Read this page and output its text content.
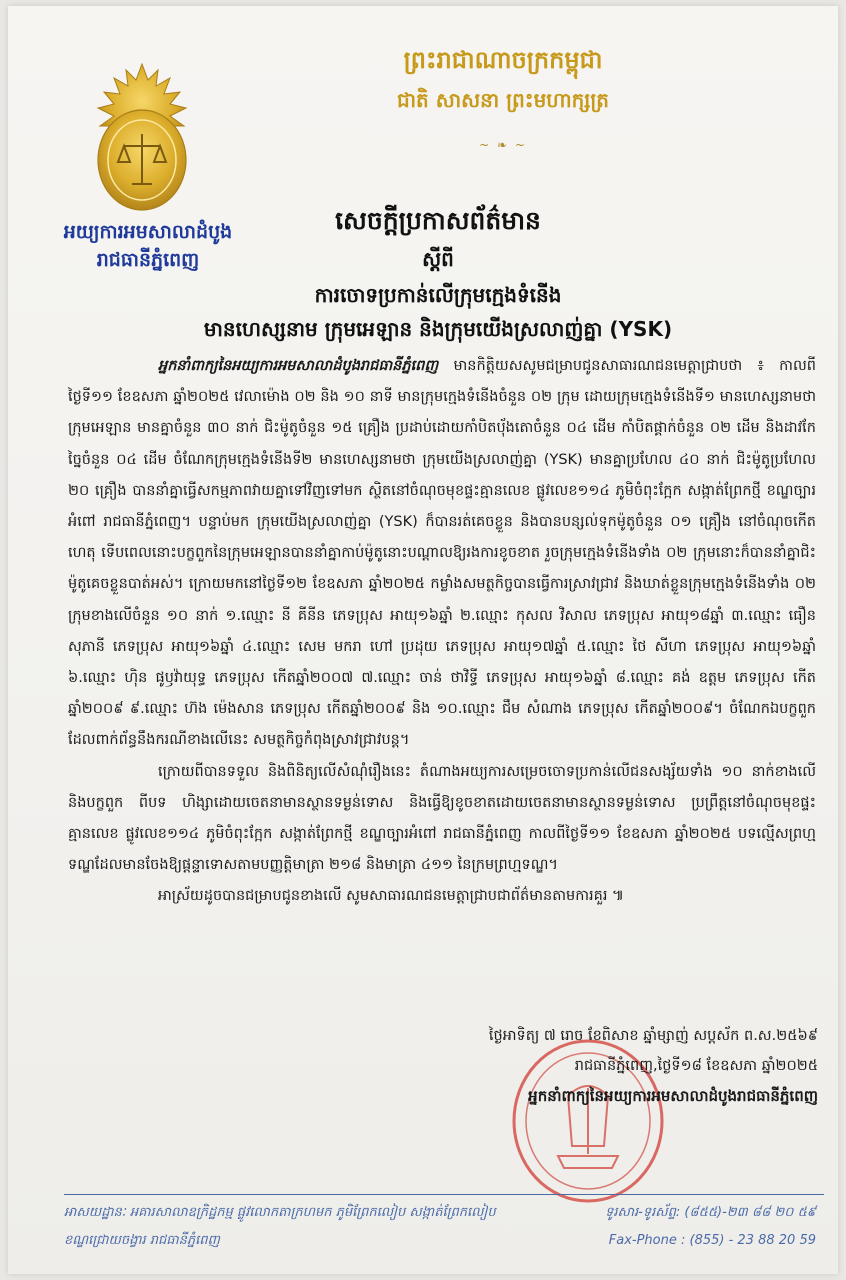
អយ្យការអមសាលាដំបូង
រាជធានីភ្នំពេញ
ព្រះរាជាណាចក្រកម្ពុជា
ជាតិ សាសនា ព្រះមហាក្សត្រ
~ ❧ ~
សេចក្តីប្រកាសព័ត៌មាន
ស្តីពី
ការចោទប្រកាន់លើក្រុមក្មេងទំនើង
មានហេស្សនាម ក្រុមអេឡាន និងក្រុមយើងស្រលាញ់គ្នា (YSK)

អ្នកនាំពាក្យនៃអយ្យការអមសាលាដំបូងរាជធានីភ្នំពេញ មានកិត្តិយសសូមជម្រាបជូនសាធារណជនមេត្តាជ្រាបថា ៖ កាលពីថ្ងៃទី១១ ខែឧសភា ឆ្នាំ២០២៥ វេលាម៉ោង ០២ និង ១០ នាទី មានក្រុមក្មេងទំនើងចំនួន ០២ ក្រុម ដោយក្រុមក្មេងទំនើងទី១ មានហេស្សនាមថា ក្រុមអេឡាន មានគ្នាចំនួន ៣០ នាក់ ជិះម៉ូតូចំនួន ១៥ គ្រឿង ប្រដាប់ដោយកាំបិតប៉័ងតោចំនួន ០៤ ដើម កាំបិតផ្គាក់ចំនួន ០២ ដើម និងដាវកែច្នៃចំនួន ០៤ ដើម ចំណែកក្រុមក្មេងទំនើងទី២ មានហេស្សនាមថា ក្រុមយើងស្រលាញ់គ្នា (YSK) មានគ្នាប្រហែល ៤០ នាក់ ជិះម៉ូតូប្រហែល ២០ គ្រឿង បាននាំគ្នាធ្វើសកម្មភាពវាយគ្នាទៅវិញទៅមក ស្ថិតនៅចំណុចមុខផ្ទះគ្មានលេខ ផ្លូវលេខ១១៤ ភូមិចំពុះក្អែក សង្កាត់ព្រែកថ្មី ខណ្ឌច្បារអំពៅ រាជធានីភ្នំពេញ។ បន្ទាប់មក ក្រុមយើងស្រលាញ់គ្នា (YSK) ក៏បានរត់គេចខ្លួន និងបានបន្សល់ទុកម៉ូតូចំនួន ០១ គ្រឿង នៅចំណុចកើតហេតុ ទើបពេលនោះបក្ខពួកនៃក្រុមអេឡានបាននាំគ្នាកាប់ម៉ូតូនោះបណ្តាលឱ្យរងការខូចខាត រួចក្រុមក្មេងទំនើងទាំង ០២ ក្រុមនោះក៏បាននាំគ្នាជិះម៉ូតូគេចខ្លួនបាត់អស់។ ក្រោយមកនៅថ្ងៃទី១២ ខែឧសភា ឆ្នាំ២០២៥ កម្លាំងសមត្ថកិច្ចបានធ្វើការស្រាវជ្រាវ និងឃាត់ខ្លួនក្រុមក្មេងទំនើងទាំង ០២ ក្រុមខាងលើចំនួន ១០ នាក់ ១.ឈ្មោះ នី គីនីន ភេទប្រុស អាយុ១៦ឆ្នាំ ២.ឈ្មោះ កុសល វិសាល ភេទប្រុស អាយុ១៨ឆ្នាំ ៣.ឈ្មោះ ធឿន សុភានី ភេទប្រុស អាយុ១៦ឆ្នាំ ៤.ឈ្មោះ សេម មករា ហៅ ប្រដុយ ភេទប្រុស អាយុ១៧ឆ្នាំ ៥.ឈ្មោះ ថៃ សីហា ភេទប្រុស អាយុ១៦ឆ្នាំ ៦.ឈ្មោះ ហ៊ិន ផូឫវ៉ាយុទ្ធ ភេទប្រុស កើតឆ្នាំ២០០៧ ៧.ឈ្មោះ ចាន់ ថាវិទ្ធី ភេទប្រុស អាយុ១៦ឆ្នាំ ៨.ឈ្មោះ គង់ ឧត្តម ភេទប្រុស កើតឆ្នាំ២០០៩ ៩.ឈ្មោះ ហ៊ង ម៉េងសាន ភេទប្រុស កើតឆ្នាំ២០០៩ និង ១០.ឈ្មោះ ជឹម សំណាង ភេទប្រុស កើតឆ្នាំ២០០៩។ ចំណែកឯបក្ខពួកដែលពាក់ព័ន្ធនឹងករណីខាងលើនេះ សមត្ថកិច្ចកំពុងស្រាវជ្រាវបន្ត។

ក្រោយពីបានទទួល និងពិនិត្យលើសំណុំរឿងនេះ តំណាងអយ្យការសម្រេចចោទប្រកាន់លើជនសង្ស័យទាំង ១០ នាក់ខាងលើ និងបក្ខពួក ពីបទ ហិង្សាដោយចេតនាមានស្ថានទម្ងន់ទោស និងធ្វើឱ្យខូចខាតដោយចេតនាមានស្ថានទម្ងន់ទោស ប្រព្រឹត្តនៅចំណុចមុខផ្ទះគ្មានលេខ ផ្លូវលេខ១១៤ ភូមិចំពុះក្អែក សង្កាត់ព្រែកថ្មី ខណ្ឌច្បារអំពៅ រាជធានីភ្នំពេញ កាលពីថ្ងៃទី១១ ខែឧសភា ឆ្នាំ២០២៥ បទល្មើសព្រហ្មទណ្ឌដែលមានចែងឱ្យផ្តន្ទាទោសតាមបញ្ញត្តិមាត្រា ២១៨ និងមាត្រា ៤១១ នៃក្រមព្រហ្មទណ្ឌ។

អាស្រ័យដូចបានជម្រាបជូនខាងលើ សូមសាធារណជនមេត្តាជ្រាបជាព័ត៌មានតាមការគួរ ៕

ថ្ងៃអាទិត្យ ៧ រោច ខែពិសាខ ឆ្នាំម្សាញ់ សប្តស័ក ព.ស.២៥៦៩
រាជធានីភ្នំពេញ,ថ្ងៃទី១៨ ខែឧសភា ឆ្នាំ២០២៥
អ្នកនាំពាក្យនៃអយ្យការអមសាលាដំបូងរាជធានីភ្នំពេញ
អាសយដ្ឋានៈ អគារសាលាឧក្រិដ្ឋកម្ម ផ្លូវលោកតាក្រហមក ភូមិព្រែកលៀប សង្កាត់ព្រែកលៀប
ខណ្ឌជ្រោយចង្វារ រាជធានីភ្នំពេញ
ទូរសារ-ទូរស័ព្ទ: (៨៥៥)-២៣ ៨៨ ២០ ៥៩
Fax-Phone : (855) - 23 88 20 59
